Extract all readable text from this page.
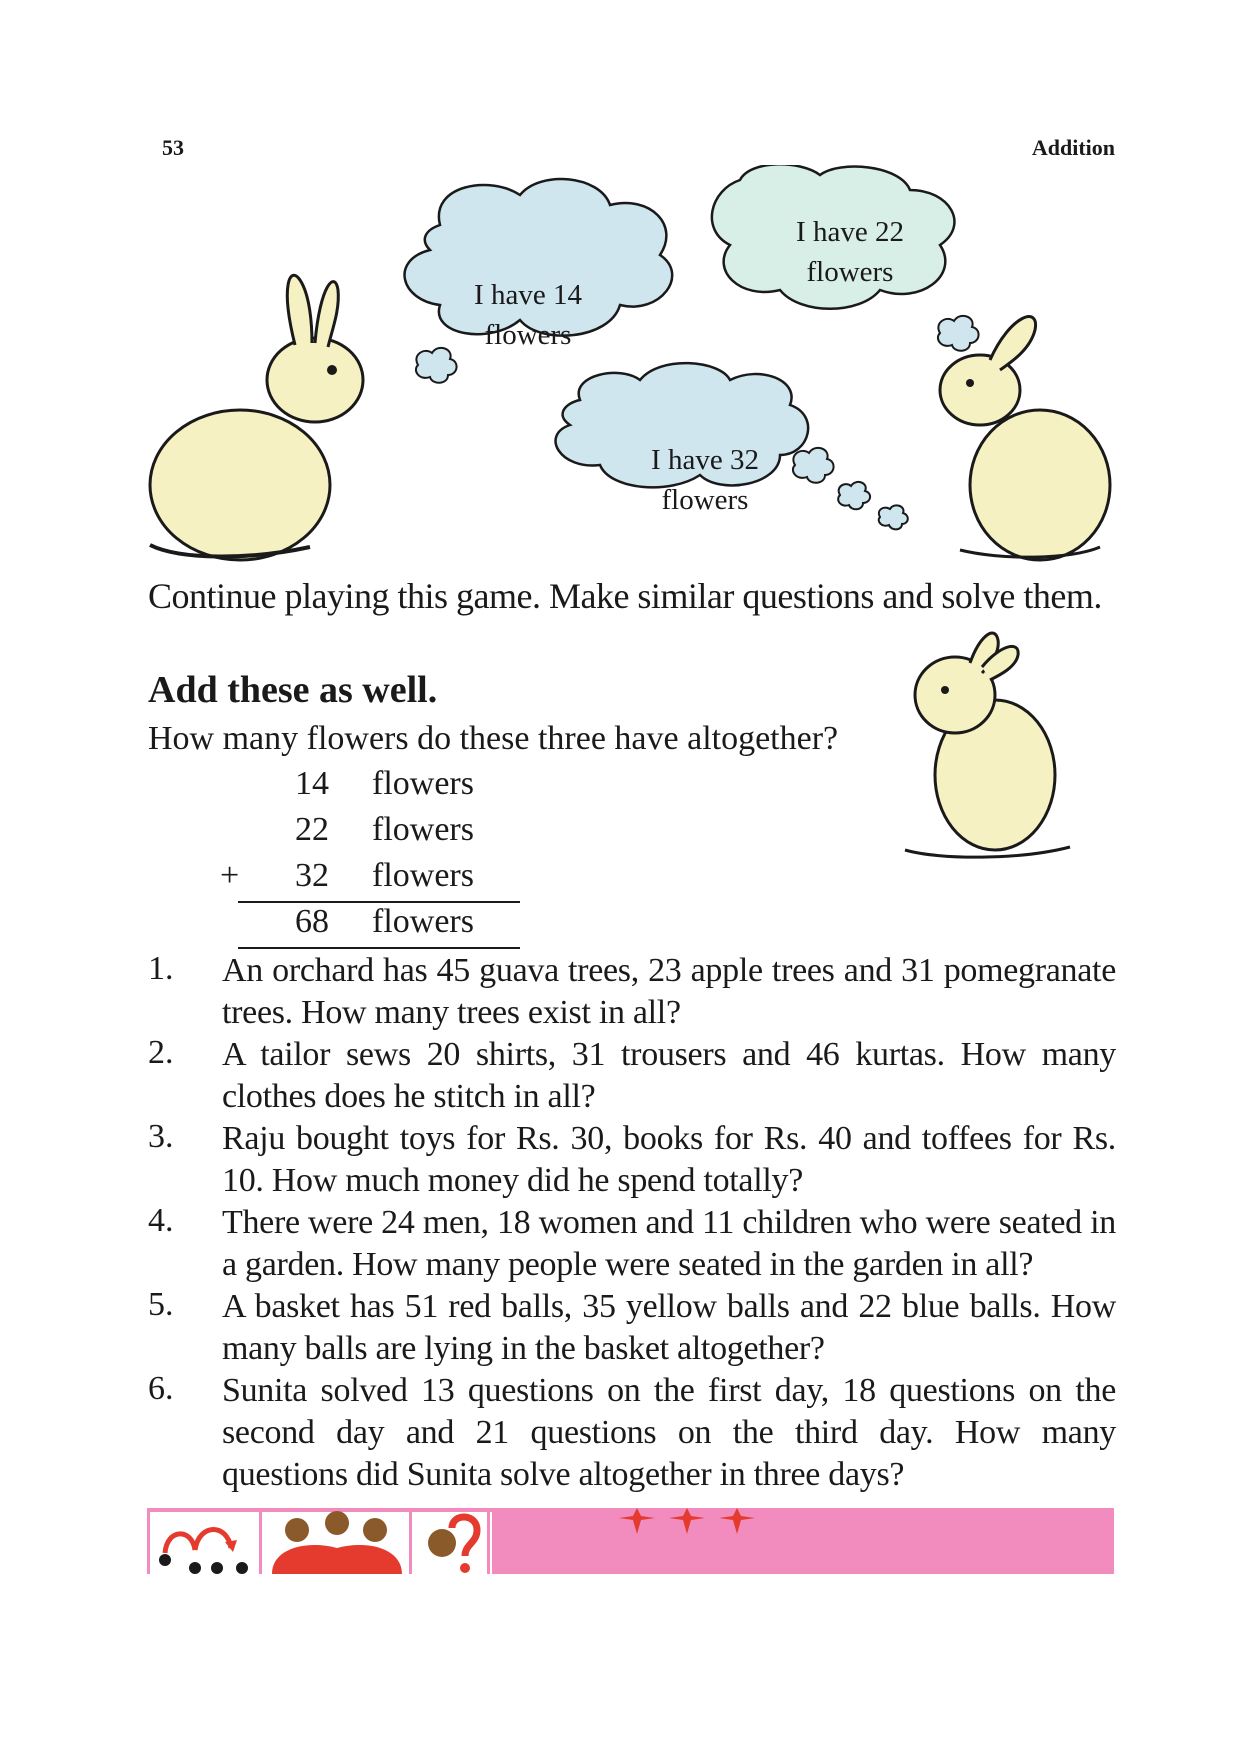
53	Addition
I have 14 flowers
I have 22 flowers
I have 32 flowers
Continue playing this game. Make similar questions and solve them.
Add these as well.
How many flowers do these three have altogether?
14	flowers
22	flowers
+ 32	flowers
68	flowers
1. An orchard has 45 guava trees, 23 apple trees and 31 pomegranate trees. How many trees exist in all?
2. A tailor sews 20 shirts, 31 trousers and 46 kurtas. How many clothes does he stitch in all?
3. Raju bought toys for Rs. 30, books for Rs. 40 and toffees for Rs. 10. How much money did he spend totally?
4. There were 24 men, 18 women and 11 children who were seated in a garden. How many people were seated in the garden in all?
5. A basket has 51 red balls, 35 yellow balls and 22 blue balls. How many balls are lying in the basket altogether?
6. Sunita solved 13 questions on the first day, 18 questions on the second day and 21 questions on the third day. How many questions did Sunita solve altogether in three days?
